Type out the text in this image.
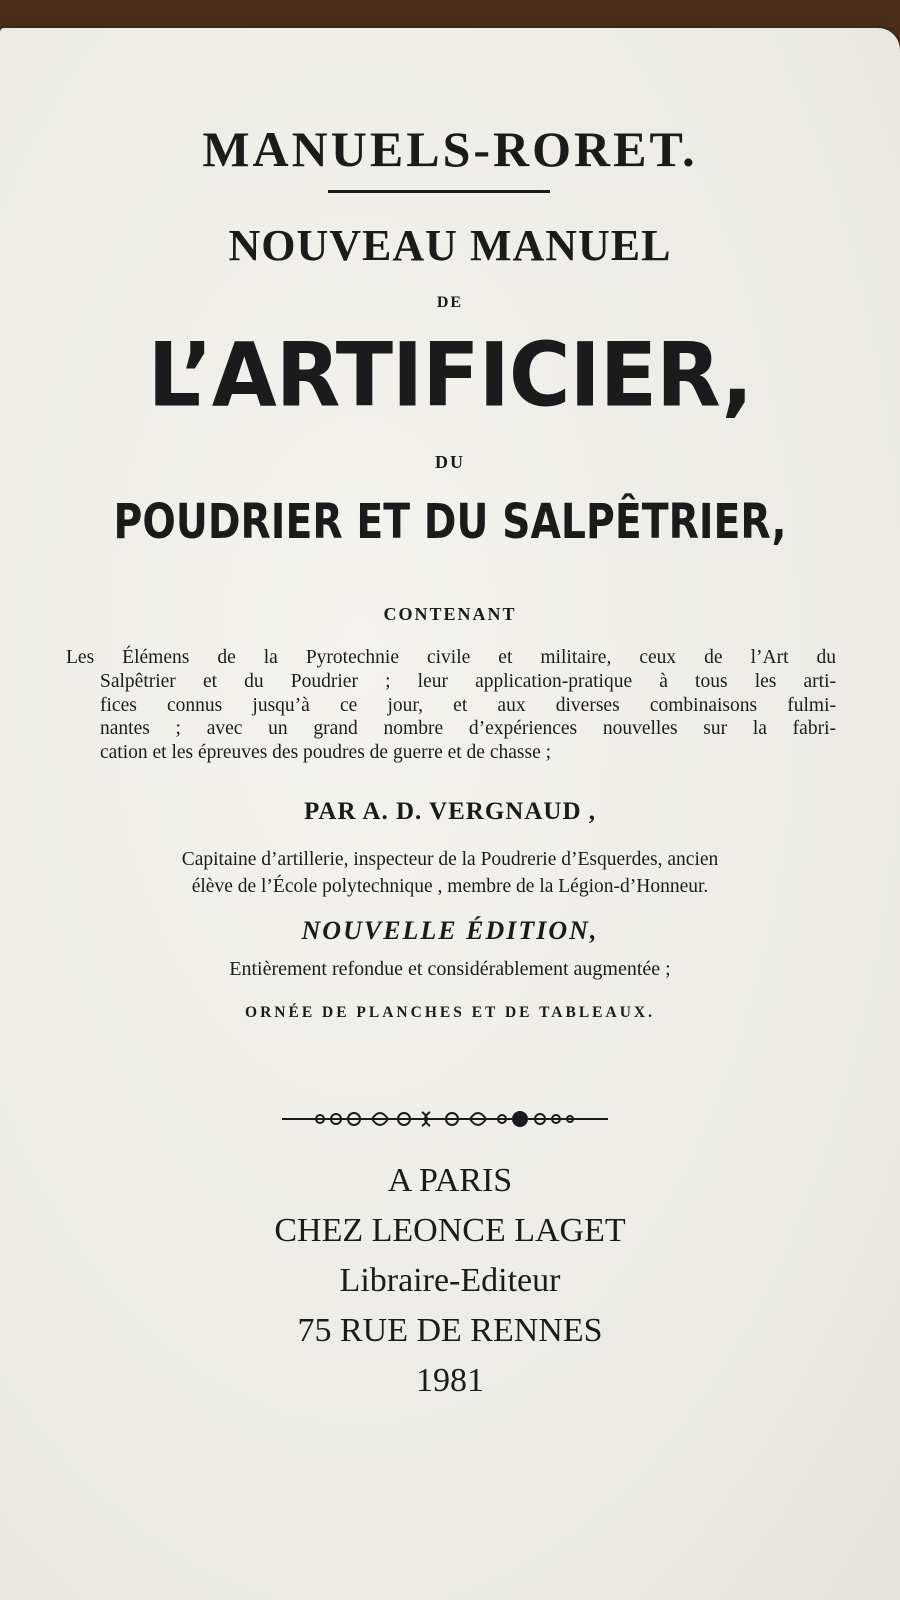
MANUELS-RORET.
NOUVEAU MANUEL
DE
L’ARTIFICIER,
DU
POUDRIER ET DU SALPÊTRIER,
CONTENANT
Les Élémens de la Pyrotechnie civile et militaire, ceux de l’Art du
Salpêtrier et du Poudrier ; leur application-pratique à tous les arti-
fices connus jusqu’à ce jour, et aux diverses combinaisons fulmi-
nantes ; avec un grand nombre d’expériences nouvelles sur la fabri-
cation et les épreuves des poudres de guerre et de chasse ;
PAR A. D. VERGNAUD ,
Capitaine d’artillerie, inspecteur de la Poudrerie d’Esquerdes, ancien
élève de l’École polytechnique , membre de la Légion-d’Honneur.
NOUVELLE ÉDITION,
Entièrement refondue et considérablement augmentée ;
ORNÉE DE PLANCHES ET DE TABLEAUX.
A PARIS
CHEZ LEONCE LAGET
Libraire-Editeur
75 RUE DE RENNES
1981
